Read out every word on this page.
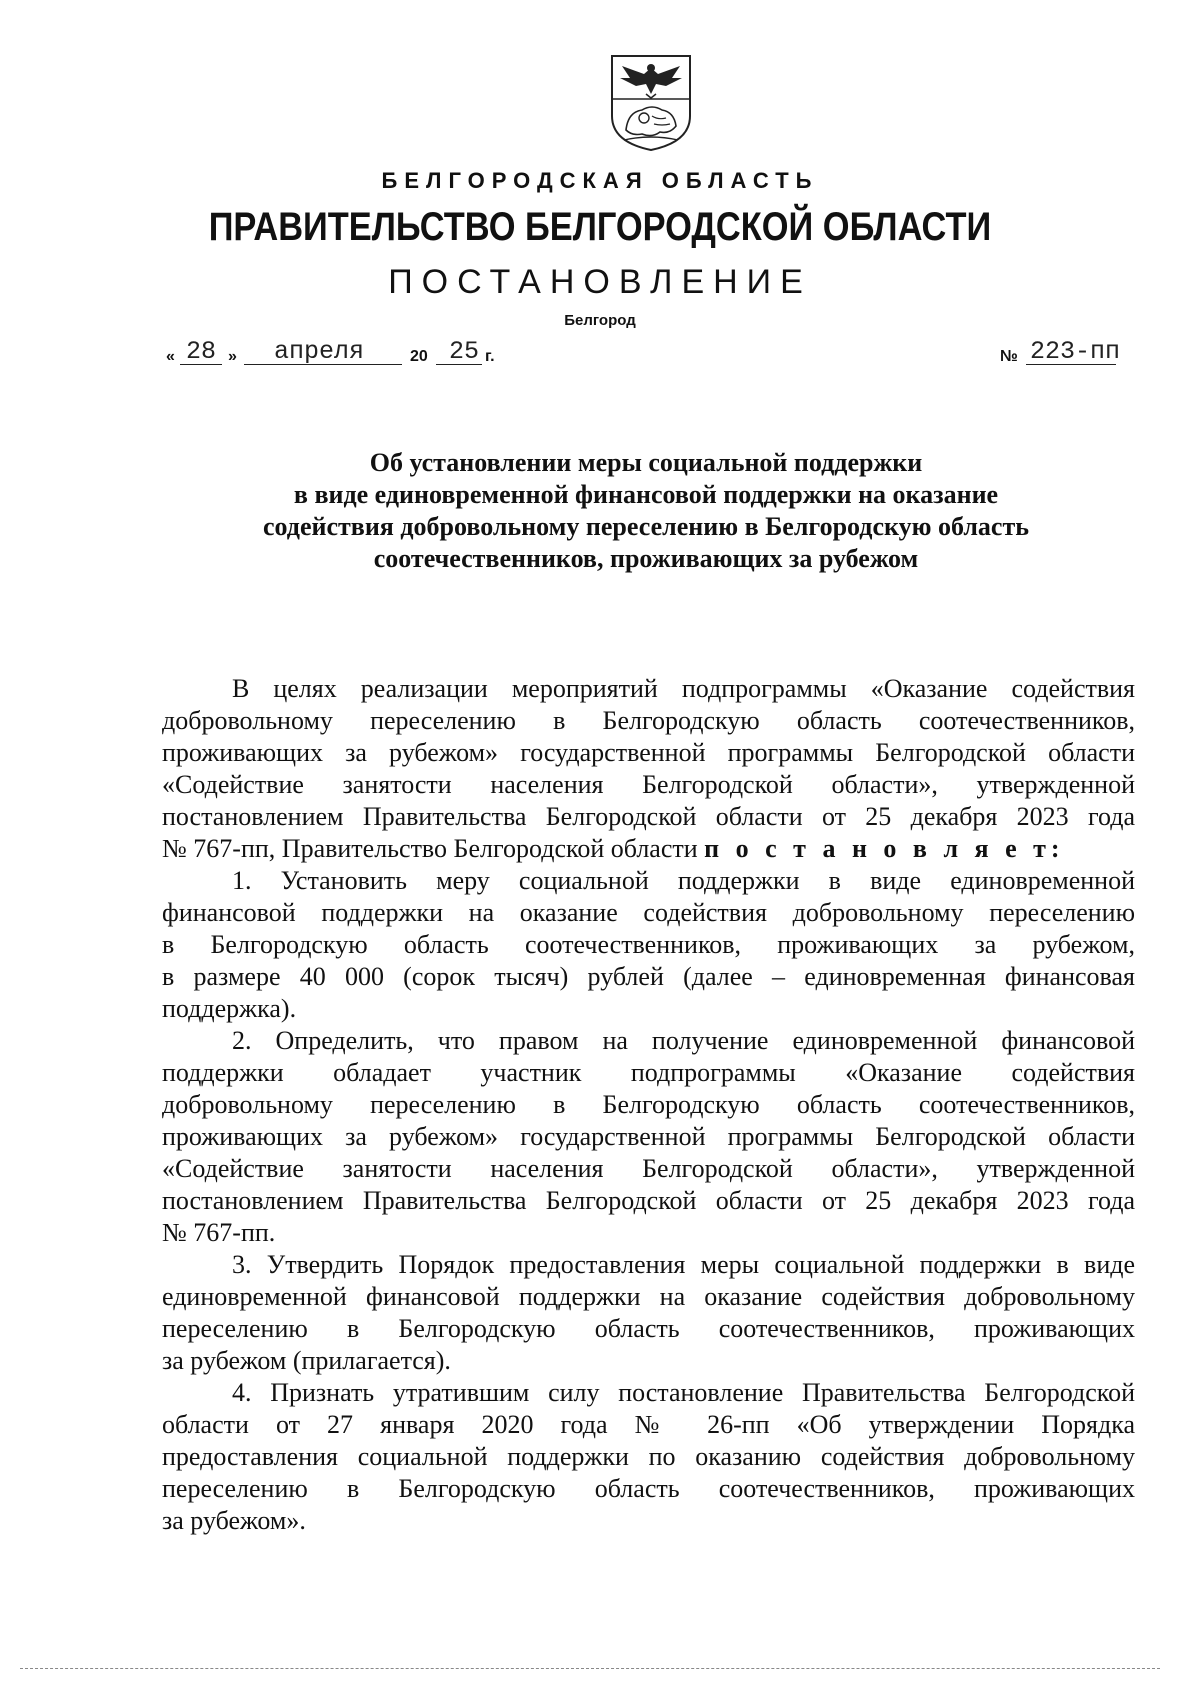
БЕЛГОРОДСКАЯ ОБЛАСТЬ
ПРАВИТЕЛЬСТВО БЕЛГОРОДСКОЙ ОБЛАСТИ
ПОСТАНОВЛЕНИЕ
Белгород
« 28 » апреля	20 25 г.	№ 223-пп
Об установлении меры социальной поддержки
в виде единовременной финансовой поддержки на оказание
содействия добровольному переселению в Белгородскую область
соотечественников, проживающих за рубежом
В целях реализации мероприятий подпрограммы «Оказание содействия
добровольному переселению в Белгородскую область соотечественников,
проживающих за рубежом» государственной программы Белгородской области
«Содействие занятости населения Белгородской области», утвержденной
постановлением Правительства Белгородской области от 25 декабря 2023 года
№ 767-пп, Правительство Белгородской области п о с т а н о в л я е т:
1. Установить меру социальной поддержки в виде единовременной
финансовой поддержки на оказание содействия добровольному переселению
в Белгородскую область соотечественников, проживающих за рубежом,
в размере 40 000 (сорок тысяч) рублей (далее – единовременная финансовая
поддержка).
2. Определить, что правом на получение единовременной финансовой
поддержки обладает участник подпрограммы «Оказание содействия
добровольному переселению в Белгородскую область соотечественников,
проживающих за рубежом» государственной программы Белгородской области
«Содействие занятости населения Белгородской области», утвержденной
постановлением Правительства Белгородской области от 25 декабря 2023 года
№ 767-пп.
3. Утвердить Порядок предоставления меры социальной поддержки в виде
единовременной финансовой поддержки на оказание содействия добровольному
переселению в Белгородскую область соотечественников, проживающих
за рубежом (прилагается).
4. Признать утратившим силу постановление Правительства Белгородской
области от 27 января 2020 года № 26-пп «Об утверждении Порядка
предоставления социальной поддержки по оказанию содействия добровольному
переселению в Белгородскую область соотечественников, проживающих
за рубежом».
